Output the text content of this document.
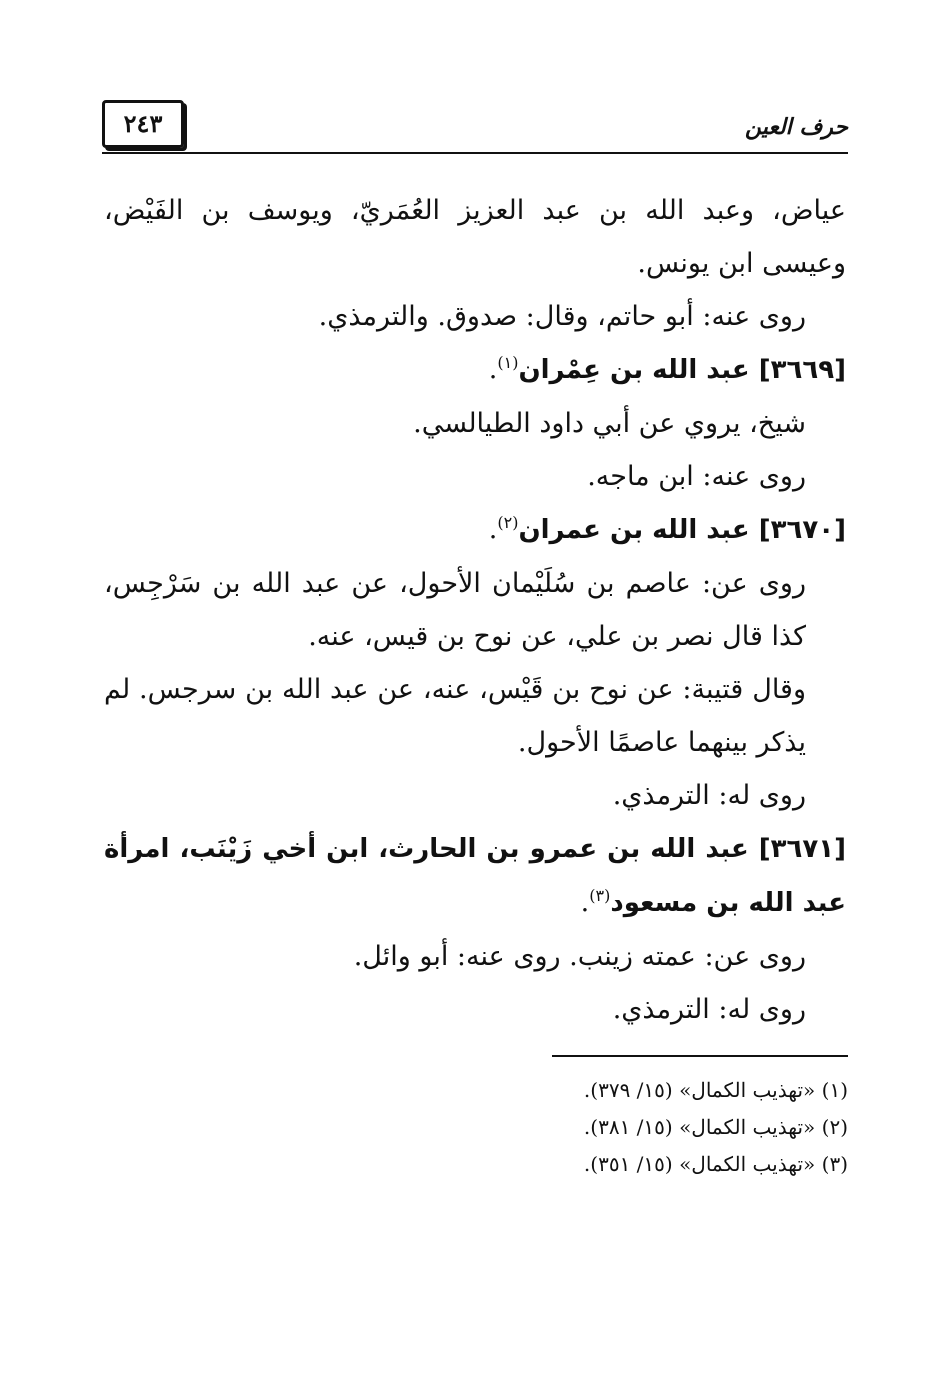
٢٤٣	حرف العين

عياض، وعبد الله بن عبد العزيز العُمَريّ، ويوسف بن الفَيْض، وعيسى ابن يونس.

روى عنه: أبو حاتم، وقال: صدوق. والترمذي.

[٣٦٦٩] عبد الله بن عِمْران$^{(١)}$.

شيخ، يروي عن أبي داود الطيالسي.

روى عنه: ابن ماجه.

[٣٦٧٠] عبد الله بن عمران$^{(٢)}$.

روى عن: عاصم بن سُلَيْمان الأحول، عن عبد الله بن سَرْجِس، كذا قال نصر بن علي، عن نوح بن قيس، عنه.

وقال قتيبة: عن نوح بن قَيْس، عنه، عن عبد الله بن سرجس. لم يذكر بينهما عاصمًا الأحول.

روى له: الترمذي.

[٣٦٧١] عبد الله بن عمرو بن الحارث، ابن أخي زَيْنَب، امرأة عبد الله بن مسعود$^{(٣)}$.

روى عن: عمته زينب. روى عنه: أبو وائل.

روى له: الترمذي.

(١) «تهذيب الكمال» (١٥/ ٣٧٩).

(٢) «تهذيب الكمال» (١٥/ ٣٨١).

(٣) «تهذيب الكمال» (١٥/ ٣٥١).
